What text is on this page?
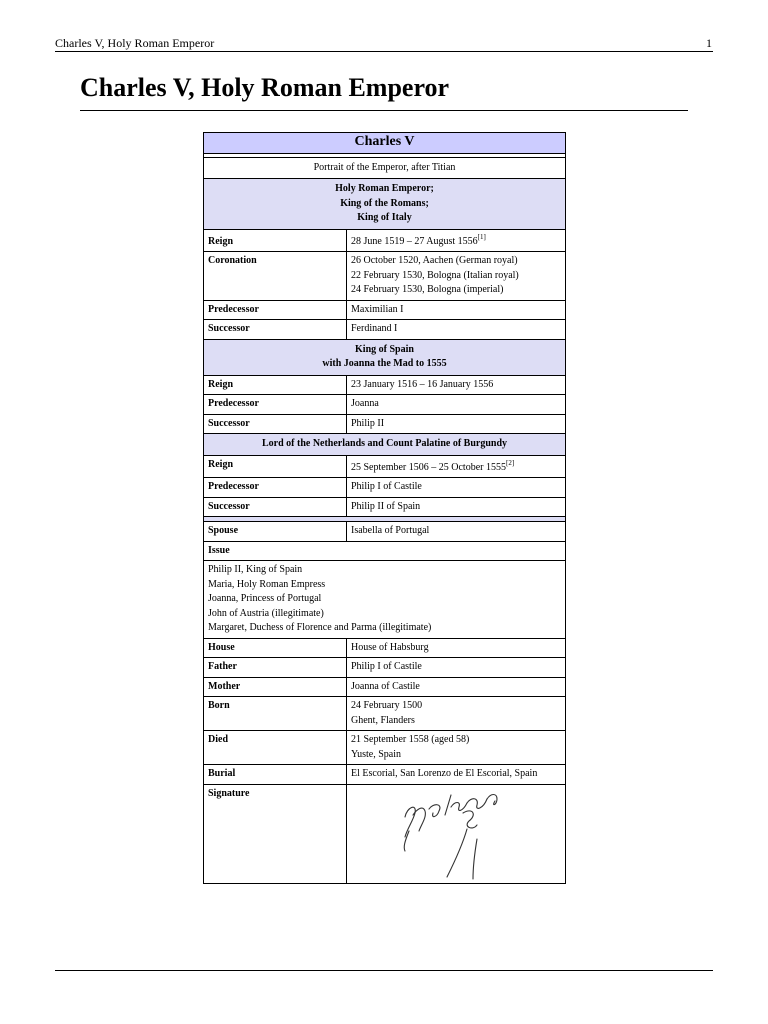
Charles V, Holy Roman Emperor	1
Charles V, Holy Roman Emperor
Charles V	

Portrait of the Emperor, after Titian	

Holy Roman Emperor;
King of the Romans;
King of Italy	

Reign	28 June 1519 – 27 August 1556[1]
Coronation	26 October 1520, Aachen (German royal)
22 February 1530, Bologna (Italian royal)
24 February 1530, Bologna (imperial)

Predecessor	Maximilian I
Successor	Ferdinand I

King of Spain
with Joanna the Mad to 1555	

Reign	23 January 1516 – 16 January 1556
Predecessor	Joanna
Successor	Philip II
Lord of the Netherlands and Count Palatine of Burgundy	
Reign	25 September 1506 – 25 October 1555[2]
Predecessor	Philip I of Castile
Successor	Philip II of Spain

Spouse	Isabella of Portugal
Issue	

Philip II, King of Spain
Maria, Holy Roman Empress
Joanna, Princess of Portugal
John of Austria (illegitimate)
Margaret, Duchess of Florence and Parma (illegitimate)	

House	House of Habsburg
Father	Philip I of Castile
Mother	Joanna of Castile
Born	24 February 1500
Ghent, Flanders

Died	21 September 1558 (aged 58)
Yuste, Spain

Burial	El Escorial, San Lorenzo de El Escorial, Spain
Signature	
